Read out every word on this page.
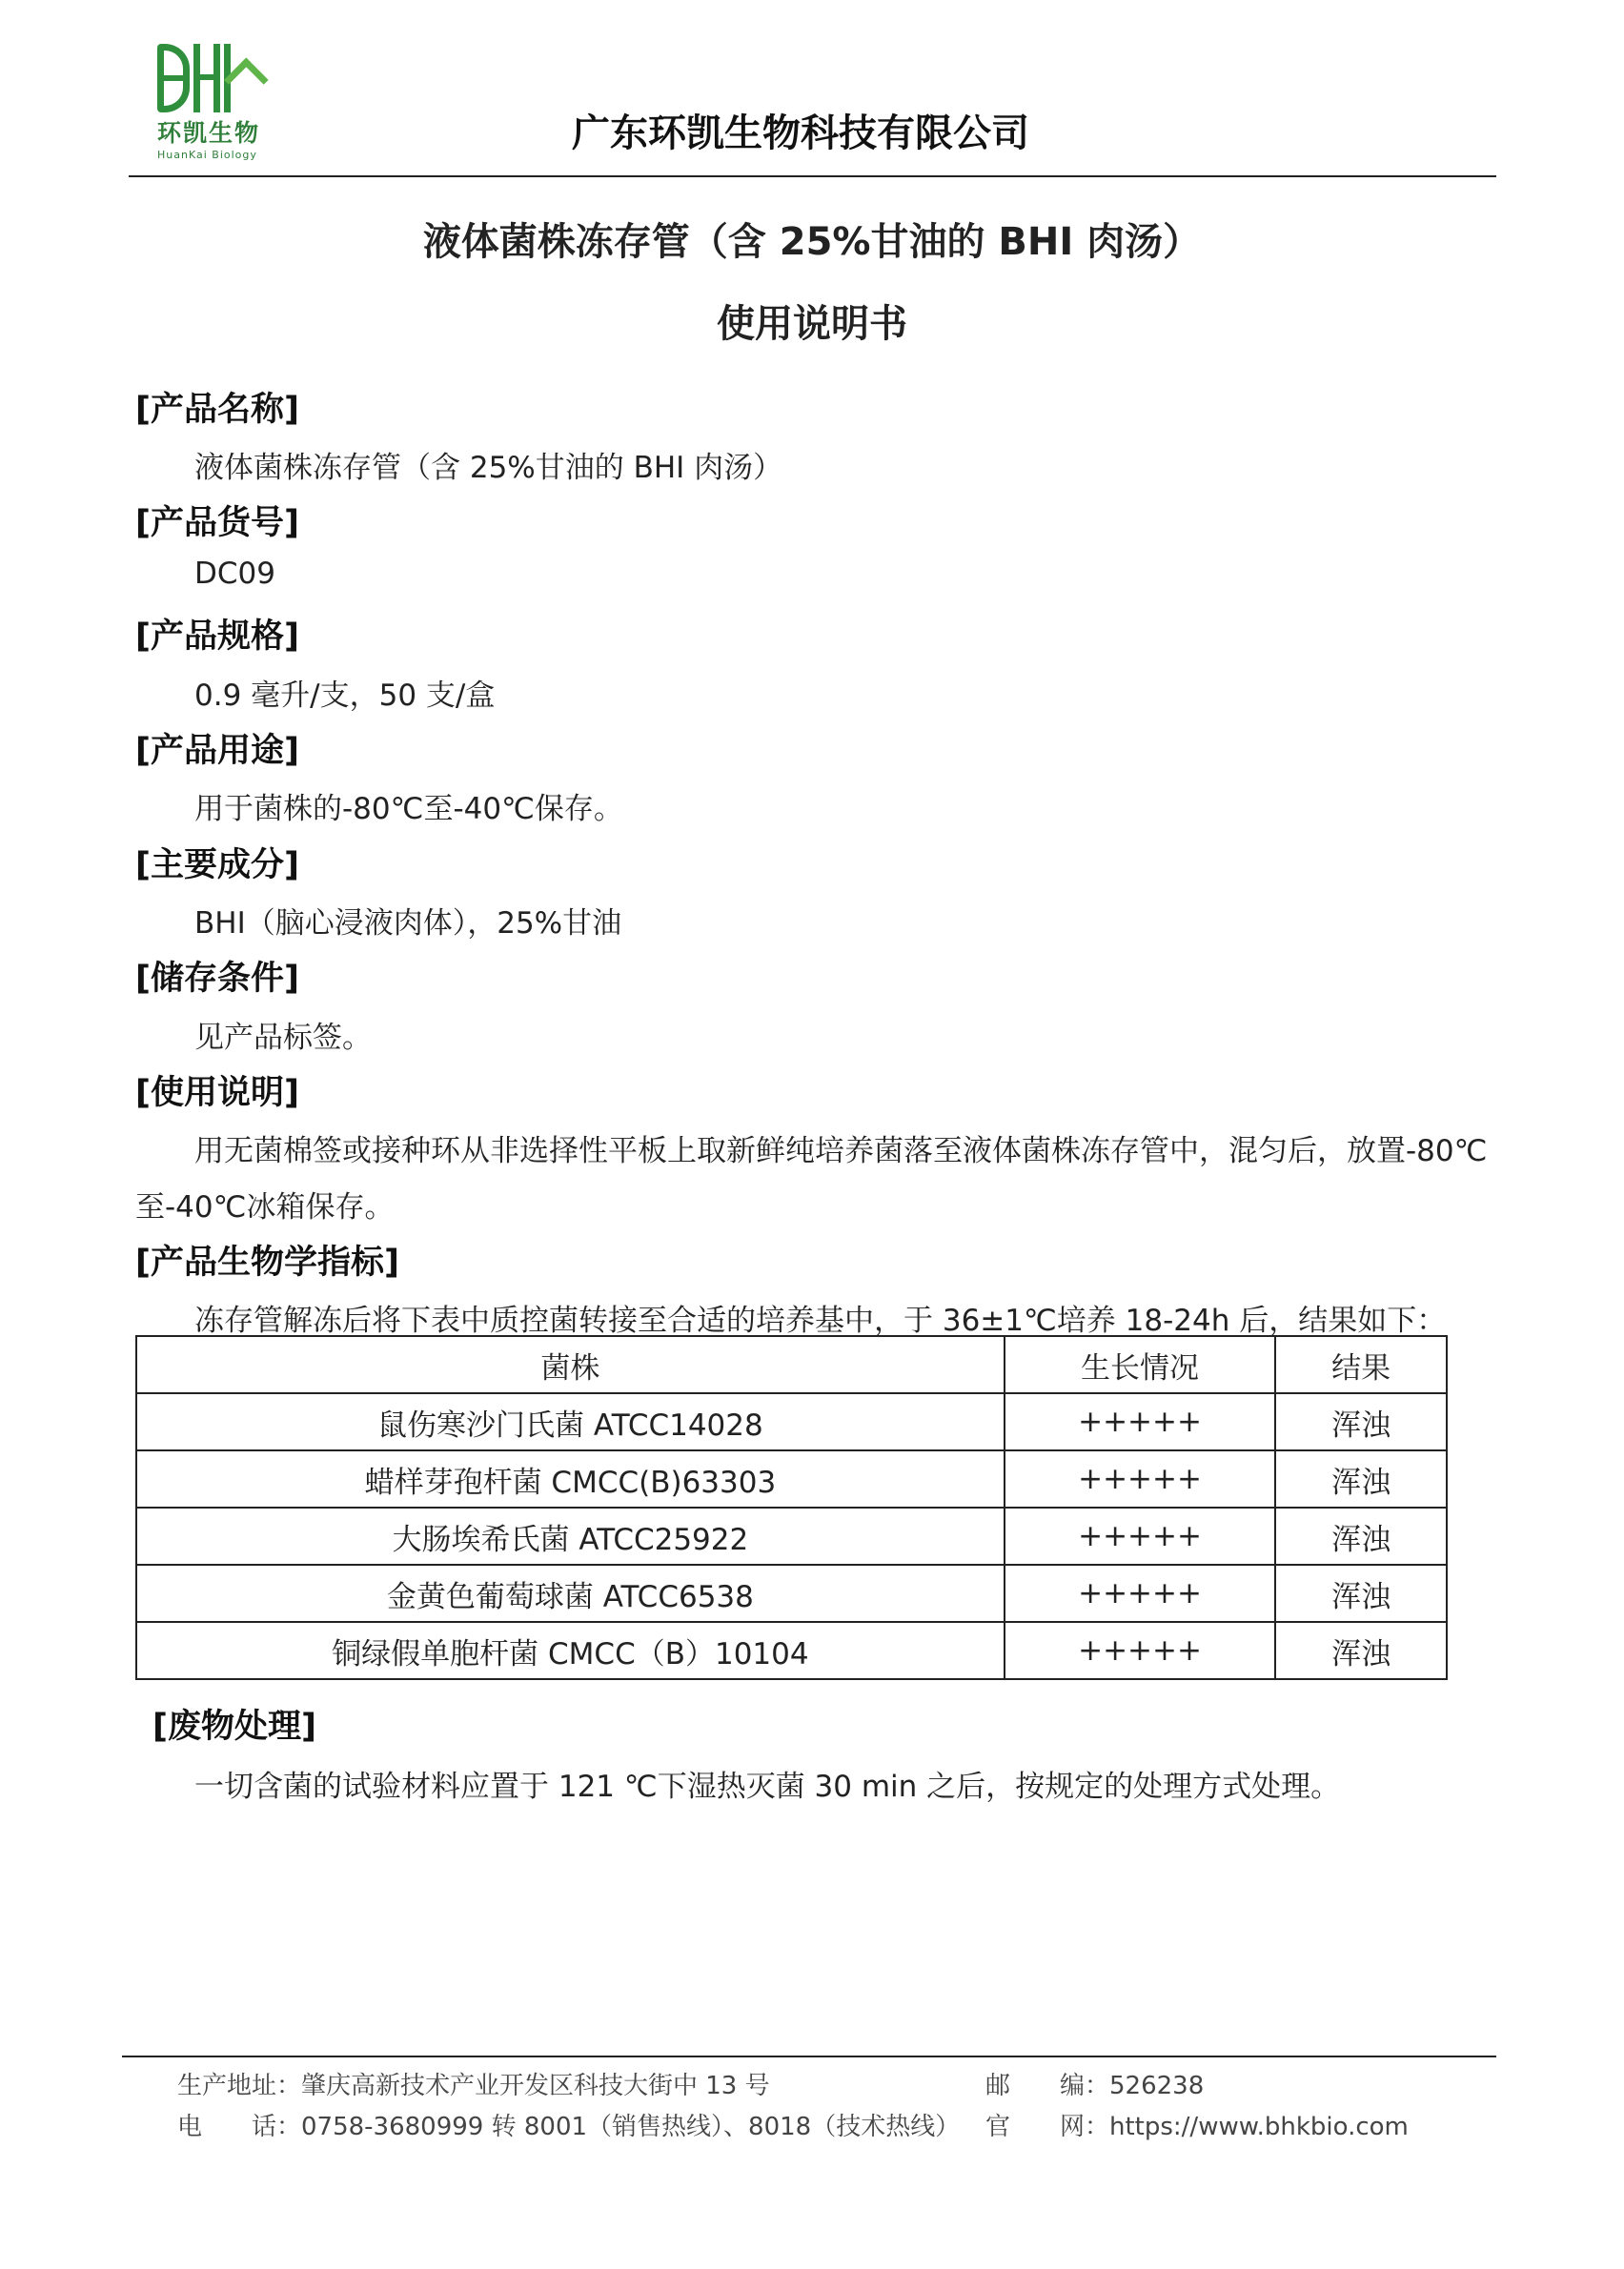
环凯生物
HuanKai Biology	广东环凯生物科技有限公司
液体菌株冻存管（含 25%甘油的 BHI 肉汤）
使用说明书
[产品名称]
液体菌株冻存管（含 25%甘油的 BHI 肉汤）
[产品货号]
DC09
[产品规格]
0.9 毫升/支，50 支/盒
[产品用途]
用于菌株的-80℃至-40℃保存。
[主要成分]
BHI（脑心浸液肉体），25%甘油
[储存条件]
见产品标签。
[使用说明]
用无菌棉签或接种环从非选择性平板上取新鲜纯培养菌落至液体菌株冻存管中，混匀后，放置-80℃
至-40℃冰箱保存。
[产品生物学指标]
冻存管解冻后将下表中质控菌转接至合适的培养基中，于 36±1℃培养 18-24h 后，结果如下：
菌株	生长情况	结果
鼠伤寒沙门氏菌 ATCC14028	+++++	浑浊
蜡样芽孢杆菌 CMCC(B)63303	+++++	浑浊
大肠埃希氏菌 ATCC25922	+++++	浑浊
金黄色葡萄球菌 ATCC6538	+++++	浑浊
铜绿假单胞杆菌 CMCC（B）10104	+++++	浑浊
[废物处理]
一切含菌的试验材料应置于 121 ℃下湿热灭菌 30 min 之后，按规定的处理方式处理。
生产地址：肇庆高新技术产业开发区科技大街中 13 号	邮　　编：526238
电　　话：0758-3680999 转 8001（销售热线）、8018（技术热线） 官　　网：https://www.bhkbio.com
